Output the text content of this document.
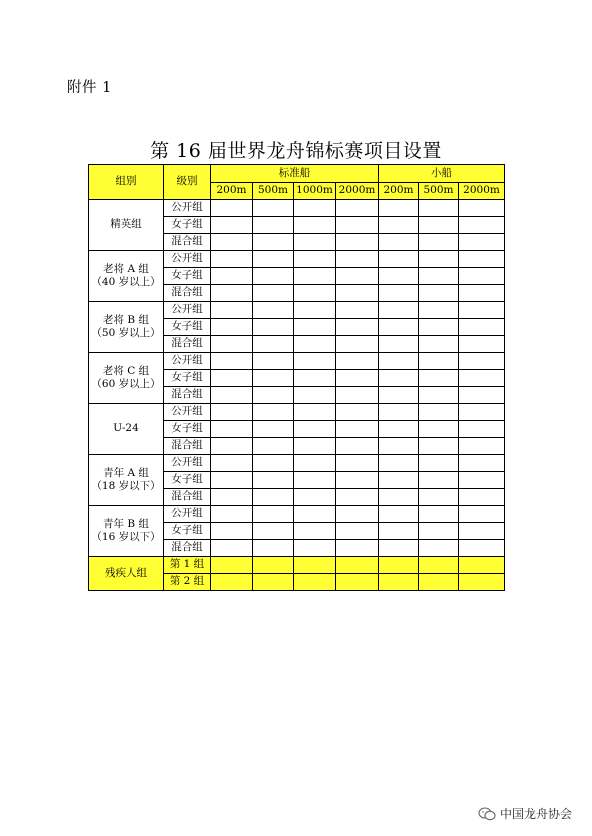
附件 1
第 16 届世界龙舟锦标赛项目设置
组别	级别	标准船				小船		
		200m	500m	1000m	2000m	200m	500m	2000m

精英组	公开组							
	女子组							
	混合组							

老将 A 组
（40 岁以上）	公开组							
	女子组							
	混合组							

老将 B 组
（50 岁以上）	公开组							
	女子组							
	混合组							

老将 C 组
（60 岁以上）	公开组							
	女子组							
	混合组							

U-24	公开组							
	女子组							
	混合组							

青年 A 组
（18 岁以下）	公开组							
	女子组							
	混合组							

青年 B 组
（16 岁以下）	公开组							
	女子组							
	混合组							

残疾人组	第 1 组							
	第 2 组							
中国龙舟协会
